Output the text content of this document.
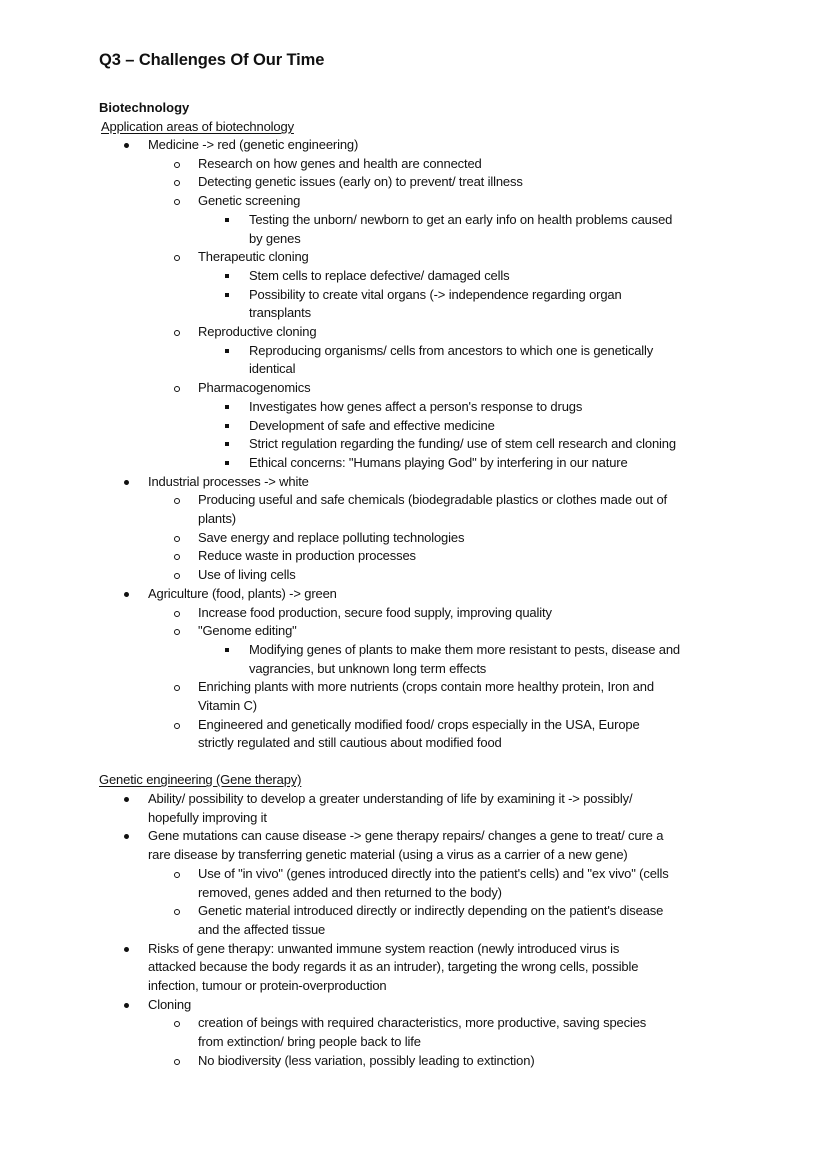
Q3 – Challenges Of Our Time
Biotechnology
Application areas of biotechnology
Medicine -> red (genetic engineering)
Research on how genes and health are connected
Detecting genetic issues (early on) to prevent/ treat illness
Genetic screening
Testing the unborn/ newborn to get an early info on health problems caused
by genes
Therapeutic cloning
Stem cells to replace defective/ damaged cells
Possibility to create vital organs (-> independence regarding organ
transplants
Reproductive cloning
Reproducing organisms/ cells from ancestors to which one is genetically
identical
Pharmacogenomics
Investigates how genes affect a person's response to drugs
Development of safe and effective medicine
Strict regulation regarding the funding/ use of stem cell research and cloning
Ethical concerns: "Humans playing God" by interfering in our nature
Industrial processes -> white
Producing useful and safe chemicals (biodegradable plastics or clothes made out of
plants)
Save energy and replace polluting technologies
Reduce waste in production processes
Use of living cells
Agriculture (food, plants) -> green
Increase food production, secure food supply, improving quality
"Genome editing"
Modifying genes of plants to make them more resistant to pests, disease and
vagrancies, but unknown long term effects
Enriching plants with more nutrients (crops contain more healthy protein, Iron and
Vitamin C)
Engineered and genetically modified food/ crops especially in the USA, Europe
strictly regulated and still cautious about modified food
Genetic engineering (Gene therapy)
Ability/ possibility to develop a greater understanding of life by examining it -> possibly/
hopefully improving it
Gene mutations can cause disease -> gene therapy repairs/ changes a gene to treat/ cure a
rare disease by transferring genetic material (using a virus as a carrier of a new gene)
Use of "in vivo" (genes introduced directly into the patient's cells) and "ex vivo" (cells
removed, genes added and then returned to the body)
Genetic material introduced directly or indirectly depending on the patient's disease
and the affected tissue
Risks of gene therapy: unwanted immune system reaction (newly introduced virus is
attacked because the body regards it as an intruder), targeting the wrong cells, possible
infection, tumour or protein-overproduction
Cloning
creation of beings with required characteristics, more productive, saving species
from extinction/ bring people back to life
No biodiversity (less variation, possibly leading to extinction)
